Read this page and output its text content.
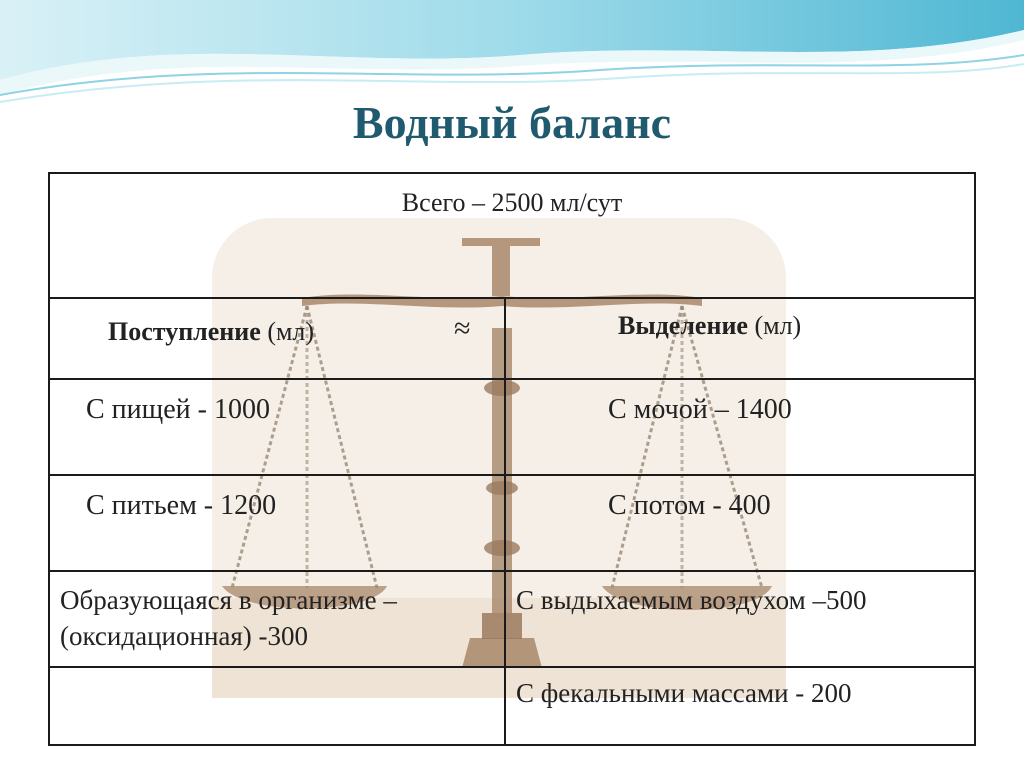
Водный баланс
Всего – 2500 мл/сут	

Поступление (мл)	Выделение (мл)

С пищей - 1000	С мочой – 1400

С питьем - 1200	С потом - 400

Образующаяся в организме –
(оксидационная) -300	С выдыхаемым воздухом –500

	С фекальными массами - 200
≈
